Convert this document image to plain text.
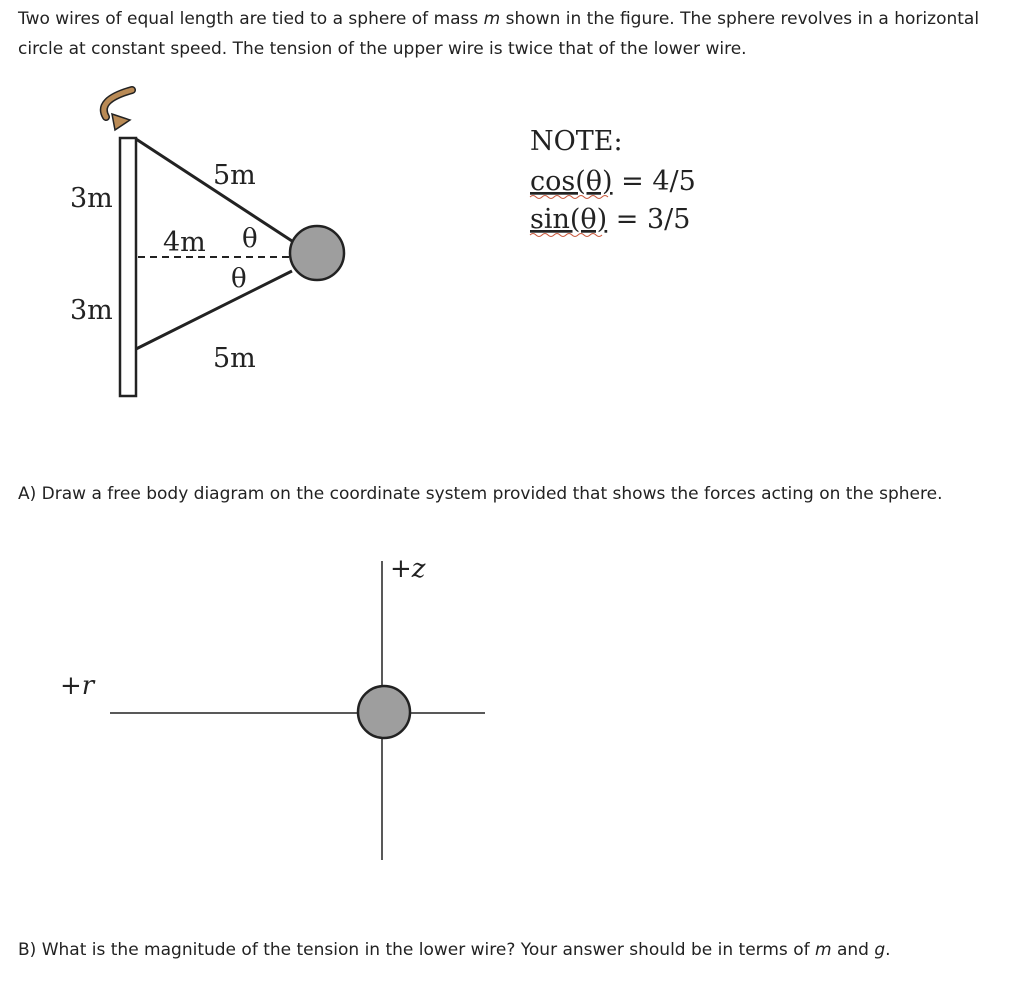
Two wires of equal length are tied to a sphere of mass m shown in the figure. The sphere revolves in a horizontal circle at constant speed. The tension of the upper wire is twice that of the lower wire.

3m
3m
5m
5m
4m θ
θ
NOTE:
cos(θ) = 4/5
sin(θ) = 3/5
+z
+r

A) Draw a free body diagram on the coordinate system provided that shows the forces acting on the sphere.

B) What is the magnitude of the tension in the lower wire? Your answer should be in terms of m and g.
